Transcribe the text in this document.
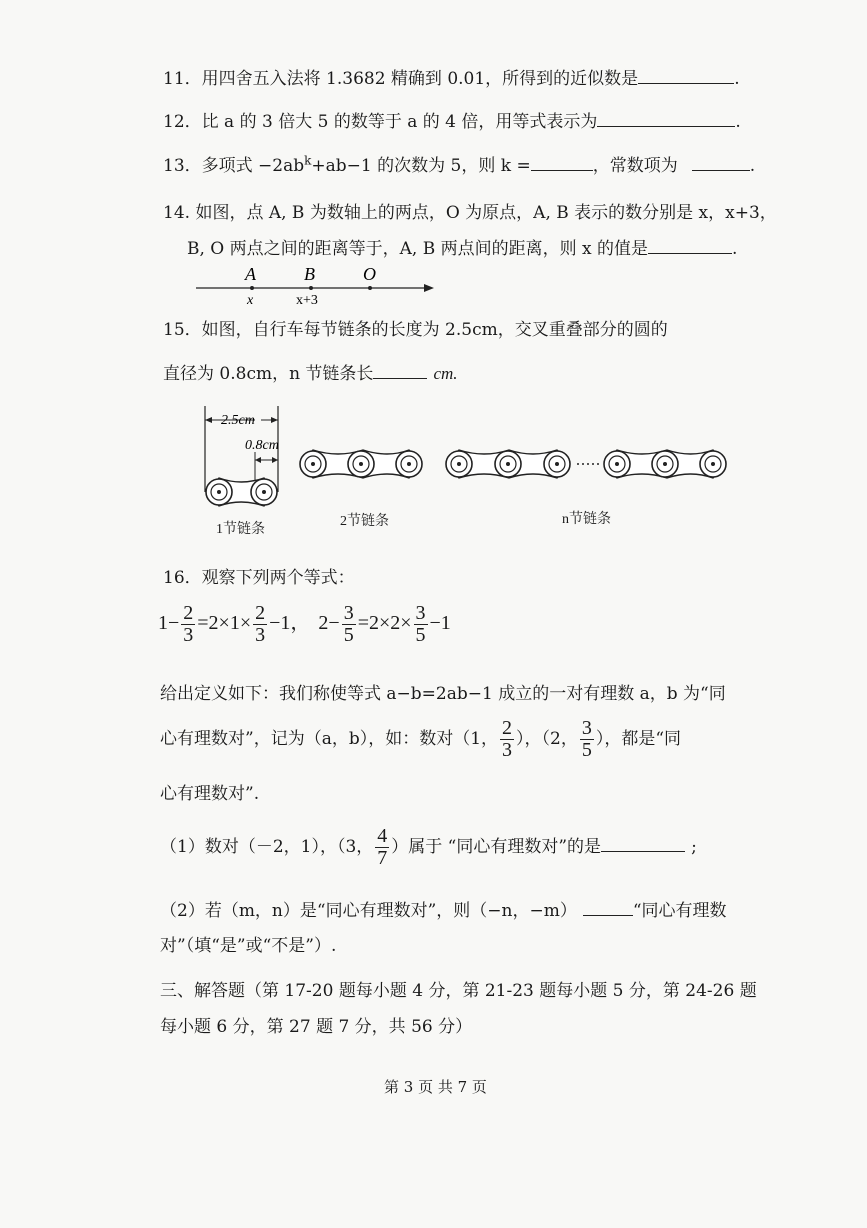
11．用四舍五入法将 1.3682 精确到 0.01，所得到的近似数是	.
12．比 a 的 3 倍大 5 的数等于 a 的 4 倍，用等式表示为	.
13．多项式 $-2ab^k+ab-1$ 的次数为 5，则 k =	，常数项为	.
14. 如图，点 A, B 为数轴上的两点，O 为原点，A, B 表示的数分别是 x，x+3，
B, O 两点之间的距离等于，A, B 两点间的距离，则 x 的值是	.
A	B	O
x	x+3
15．如图，自行车每节链条的长度为 2.5cm，交叉重叠部分的圆的
直径为 0.8cm，n 节链条长	cm.
2.5cm
0.8cm
1节链条
2节链条	n节链条
16．观察下列两个等式：
$1- \frac{2}{3} =2\times 1\times \frac{2}{3} -1$， $2- \frac{3}{5} =2\times 2\times \frac{3}{5} -1$
给出定义如下：我们称使等式 a−b=2ab−1 成立的一对有理数 a，b 为“同
心有理数对”，记为（a，b），如：数对（1， $\frac{2}{3}$ ），（2， $\frac{3}{5}$ ），都是“同
心有理数对”.
（1）数对（－2，1），（3， $\frac{4}{7}$ ）属于 “同心有理数对”的是	;
（2）若（m，n）是“同心有理数对”，则（−n，−m）	“同心有理数
对”（填“是”或“不是”）.
三、解答题（第 17-20 题每小题 4 分，第 21-23 题每小题 5 分，第 24-26 题
每小题 6 分，第 27 题 7 分，共 56 分）
第 3 页 共 7 页
